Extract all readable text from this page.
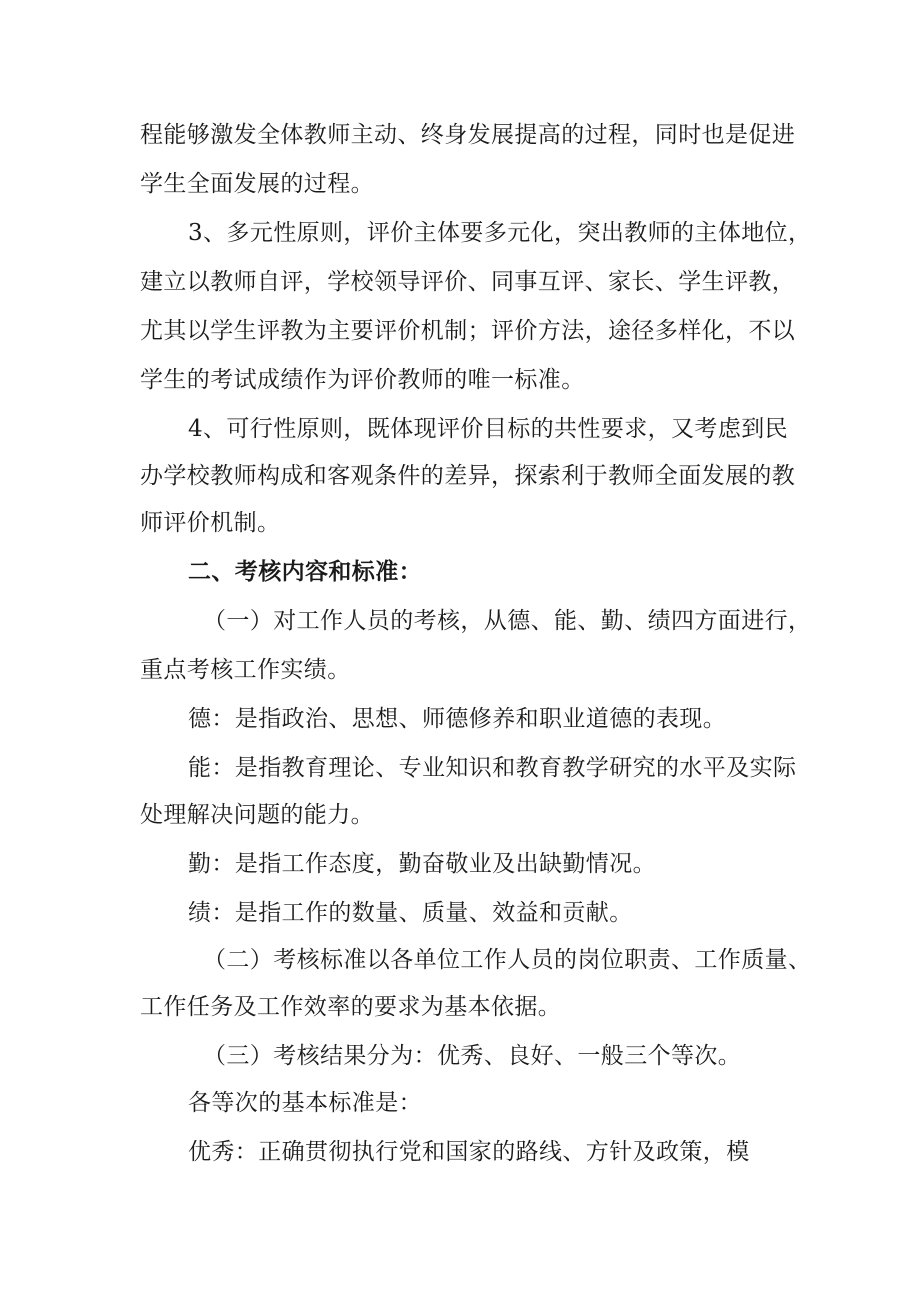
程能够激发全体教师主动、终身发展提高的过程，同时也是促进
学生全面发展的过程。
3、多元性原则，评价主体要多元化，突出教师的主体地位，
建立以教师自评，学校领导评价、同事互评、家长、学生评教，
尤其以学生评教为主要评价机制；评价方法，途径多样化，不以
学生的考试成绩作为评价教师的唯一标准。
4、可行性原则，既体现评价目标的共性要求，又考虑到民
办学校教师构成和客观条件的差异，探索利于教师全面发展的教
师评价机制。
二、考核内容和标准：
（一）对工作人员的考核，从德、能、勤、绩四方面进行，
重点考核工作实绩。
德：是指政治、思想、师德修养和职业道德的表现。
能：是指教育理论、专业知识和教育教学研究的水平及实际
处理解决问题的能力。
勤：是指工作态度，勤奋敬业及出缺勤情况。
绩：是指工作的数量、质量、效益和贡献。
（二）考核标准以各单位工作人员的岗位职责、工作质量、
工作任务及工作效率的要求为基本依据。
（三）考核结果分为：优秀、良好、一般三个等次。
各等次的基本标准是：
优秀：正确贯彻执行党和国家的路线、方针及政策，模
